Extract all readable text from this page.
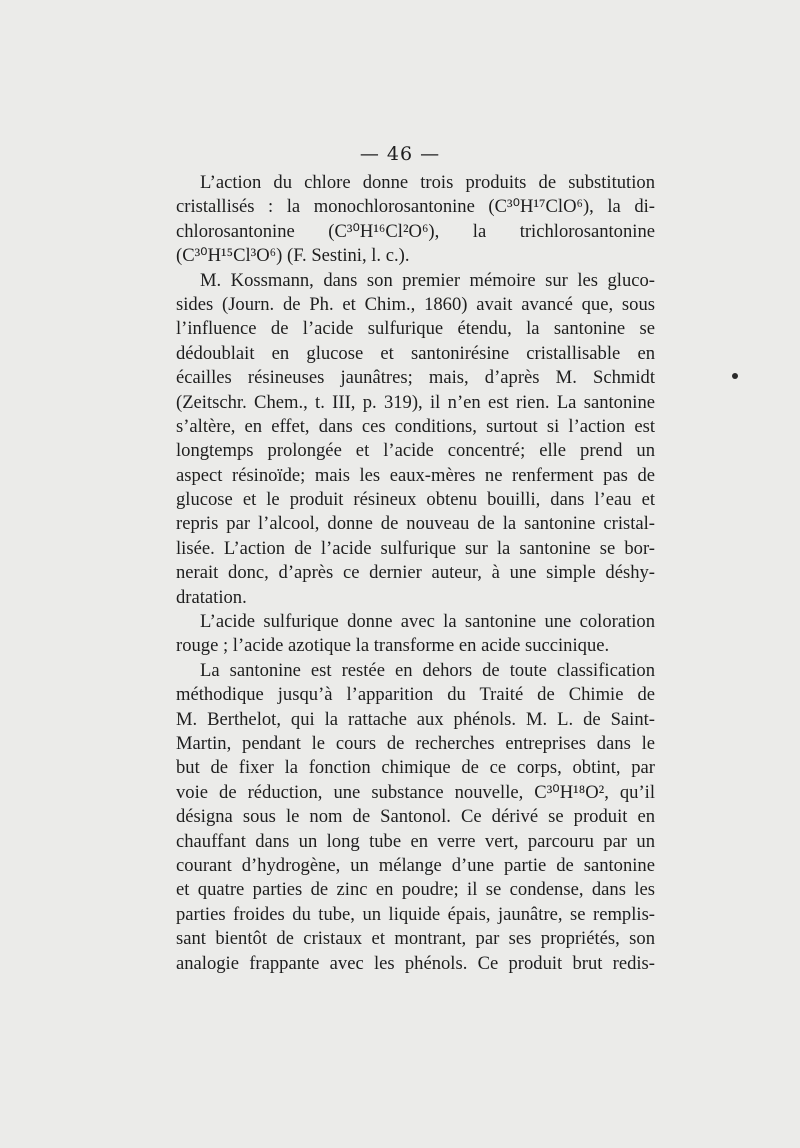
— 46 —
L’action du chlore donne trois produits de substitution
cristallisés : la monochlorosantonine (C³⁰H¹⁷ClO⁶), la di-
chlorosantonine (C³⁰H¹⁶Cl²O⁶), la trichlorosantonine
(C³⁰H¹⁵Cl³O⁶) (F. Sestini, l. c.).
M. Kossmann, dans son premier mémoire sur les gluco-
sides (Journ. de Ph. et Chim., 1860) avait avancé que, sous
l’influence de l’acide sulfurique étendu, la santonine se
dédoublait en glucose et santonirésine cristallisable en
écailles résineuses jaunâtres; mais, d’après M. Schmidt
(Zeitschr. Chem., t. III, p. 319), il n’en est rien. La santonine
s’altère, en effet, dans ces conditions, surtout si l’action est
longtemps prolongée et l’acide concentré; elle prend un
aspect résinoïde; mais les eaux-mères ne renferment pas de
glucose et le produit résineux obtenu bouilli, dans l’eau et
repris par l’alcool, donne de nouveau de la santonine cristal-
lisée. L’action de l’acide sulfurique sur la santonine se bor-
nerait donc, d’après ce dernier auteur, à une simple déshy-
dratation.
L’acide sulfurique donne avec la santonine une coloration
rouge ; l’acide azotique la transforme en acide succinique.
La santonine est restée en dehors de toute classification
méthodique jusqu’à l’apparition du Traité de Chimie de
M. Berthelot, qui la rattache aux phénols. M. L. de Saint-
Martin, pendant le cours de recherches entreprises dans le
but de fixer la fonction chimique de ce corps, obtint, par
voie de réduction, une substance nouvelle, C³⁰H¹⁸O², qu’il
désigna sous le nom de Santonol. Ce dérivé se produit en
chauffant dans un long tube en verre vert, parcouru par un
courant d’hydrogène, un mélange d’une partie de santonine
et quatre parties de zinc en poudre; il se condense, dans les
parties froides du tube, un liquide épais, jaunâtre, se remplis-
sant bientôt de cristaux et montrant, par ses propriétés, son
analogie frappante avec les phénols. Ce produit brut redis-
